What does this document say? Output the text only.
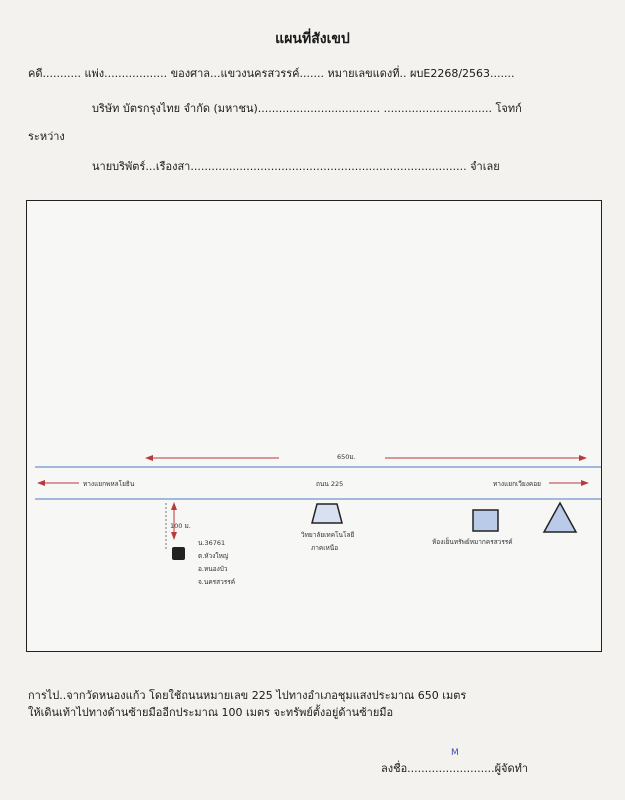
แผนที่สังเขป
คดี........... แพ่ง.................. ของศาล...แขวงนครสวรรค์....... หมายเลขแดงที่.. ผบE2268/2563.......
บริษัท บัตรกรุงไทย จำกัด (มหาชน)................................... ............................... โจทก์
ระหว่าง
นายบริพัตร์...เรืองสา............................................................................... จำเลย
650ม.
ทางแยกพหลโยธิน	ถนน 225	ทางแยกเวียงคอย
100 ม.
น.36761
ต.หัวงใหญ่
อ.หนองบัว
จ.นครสวรรค์
วิทยาลัยเทคโนโลยี
ภาคเหนือ
ห้องเย็นทรัพย์หมากครสวรรค์
การไป..จากวัดหนองแก้ว โดยใช้ถนนหมายเลข 225 ไปทางอำเภอชุมแสงประมาณ 650 เมตร
ให้เดินเท้าไปทางด้านซ้ายมืออีกประมาณ 100 เมตร จะทรัพย์ตั้งอยู่ด้านซ้ายมือ
M
ลงชื่อ.........................ผู้จัดทำ
